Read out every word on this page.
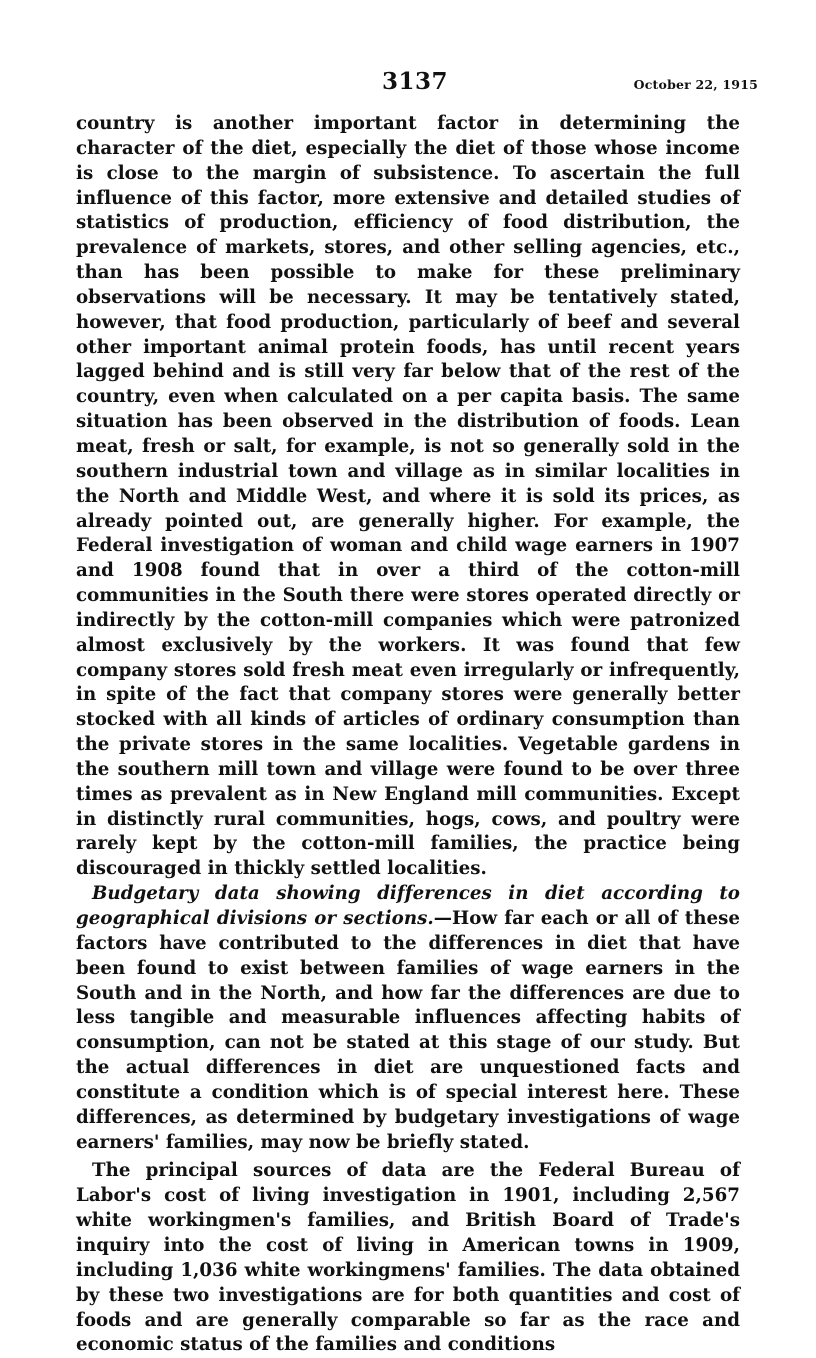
3137	October 22, 1915

country is another important factor in determining the character of the diet, especially the diet of those whose income is close to the margin of subsistence. To ascertain the full influence of this factor, more extensive and detailed studies of statistics of production, efficiency of food distribution, the prevalence of markets, stores, and other selling agencies, etc., than has been possible to make for these preliminary observations will be necessary. It may be tentatively stated, however, that food production, particularly of beef and several other important animal protein foods, has until recent years lagged behind and is still very far below that of the rest of the country, even when calculated on a per capita basis. The same situation has been observed in the distribution of foods. Lean meat, fresh or salt, for example, is not so generally sold in the southern industrial town and village as in similar localities in the North and Middle West, and where it is sold its prices, as already pointed out, are generally higher. For example, the Federal investigation of woman and child wage earners in 1907 and 1908 found that in over a third of the cotton-mill communities in the South there were stores operated directly or indirectly by the cotton-mill companies which were patronized almost exclusively by the workers. It was found that few company stores sold fresh meat even irregularly or infrequently, in spite of the fact that company stores were generally better stocked with all kinds of articles of ordinary consumption than the private stores in the same localities. Vegetable gardens in the southern mill town and village were found to be over three times as prevalent as in New England mill communities. Except in distinctly rural communities, hogs, cows, and poultry were rarely kept by the cotton-mill families, the practice being discouraged in thickly settled localities.

Budgetary data showing differences in diet according to geographical divisions or sections.—How far each or all of these factors have contributed to the differences in diet that have been found to exist between families of wage earners in the South and in the North, and how far the differences are due to less tangible and measurable influences affecting habits of consumption, can not be stated at this stage of our study. But the actual differences in diet are unquestioned facts and constitute a condition which is of special interest here. These differences, as determined by budgetary investigations of wage earners' families, may now be briefly stated.

The principal sources of data are the Federal Bureau of Labor's cost of living investigation in 1901, including 2,567 white workingmen's families, and British Board of Trade's inquiry into the cost of living in American towns in 1909, including 1,036 white workingmens' families. The data obtained by these two investigations are for both quantities and cost of foods and are generally comparable so far as the race and economic status of the families and conditions
